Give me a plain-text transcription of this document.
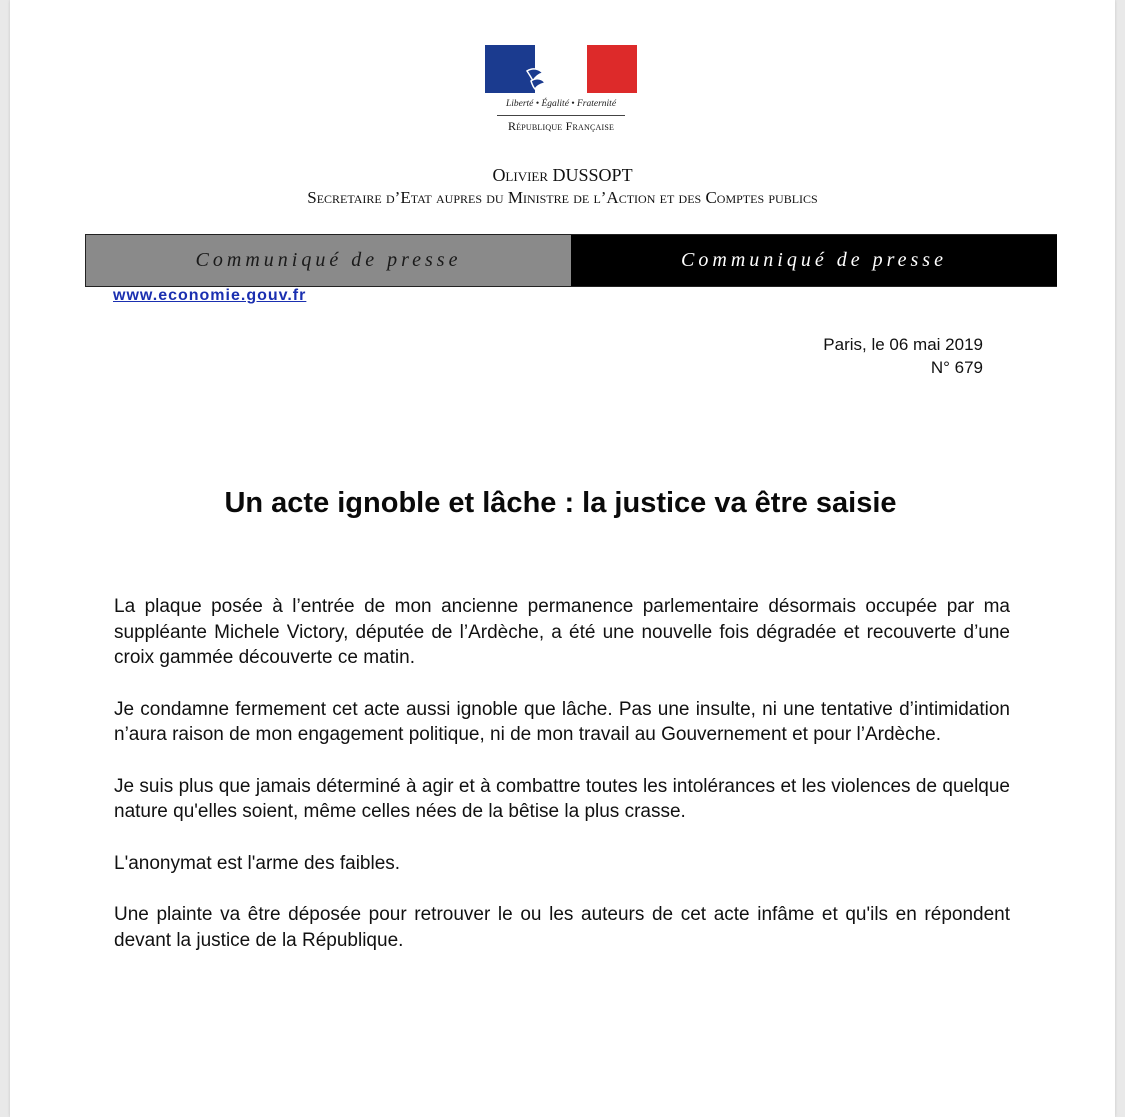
Liberté • Égalité • Fraternité
République Française
Olivier DUSSOPT
Secretaire d’Etat aupres du Ministre de l’Action et des Comptes publics
Communiqué de presse	Communiqué de presse
www.economie.gouv.fr
Paris, le 06 mai 2019
N° 679
Un acte ignoble et lâche : la justice va être saisie

La plaque posée à l’entrée de mon ancienne permanence parlementaire désormais occupée par ma suppléante Michele Victory, députée de l’Ardèche, a été une nouvelle fois dégradée et recouverte d’une croix gammée découverte ce matin.

Je condamne fermement cet acte aussi ignoble que lâche. Pas une insulte, ni une tentative d’intimidation n’aura raison de mon engagement politique, ni de mon travail au Gouvernement et pour l’Ardèche.

Je suis plus que jamais déterminé à agir et à combattre toutes les intolérances et les violences de quelque nature qu'elles soient, même celles nées de la bêtise la plus crasse.

L'anonymat est l'arme des faibles.

Une plainte va être déposée pour retrouver le ou les auteurs de cet acte infâme et qu'ils en répondent devant la justice de la République.
